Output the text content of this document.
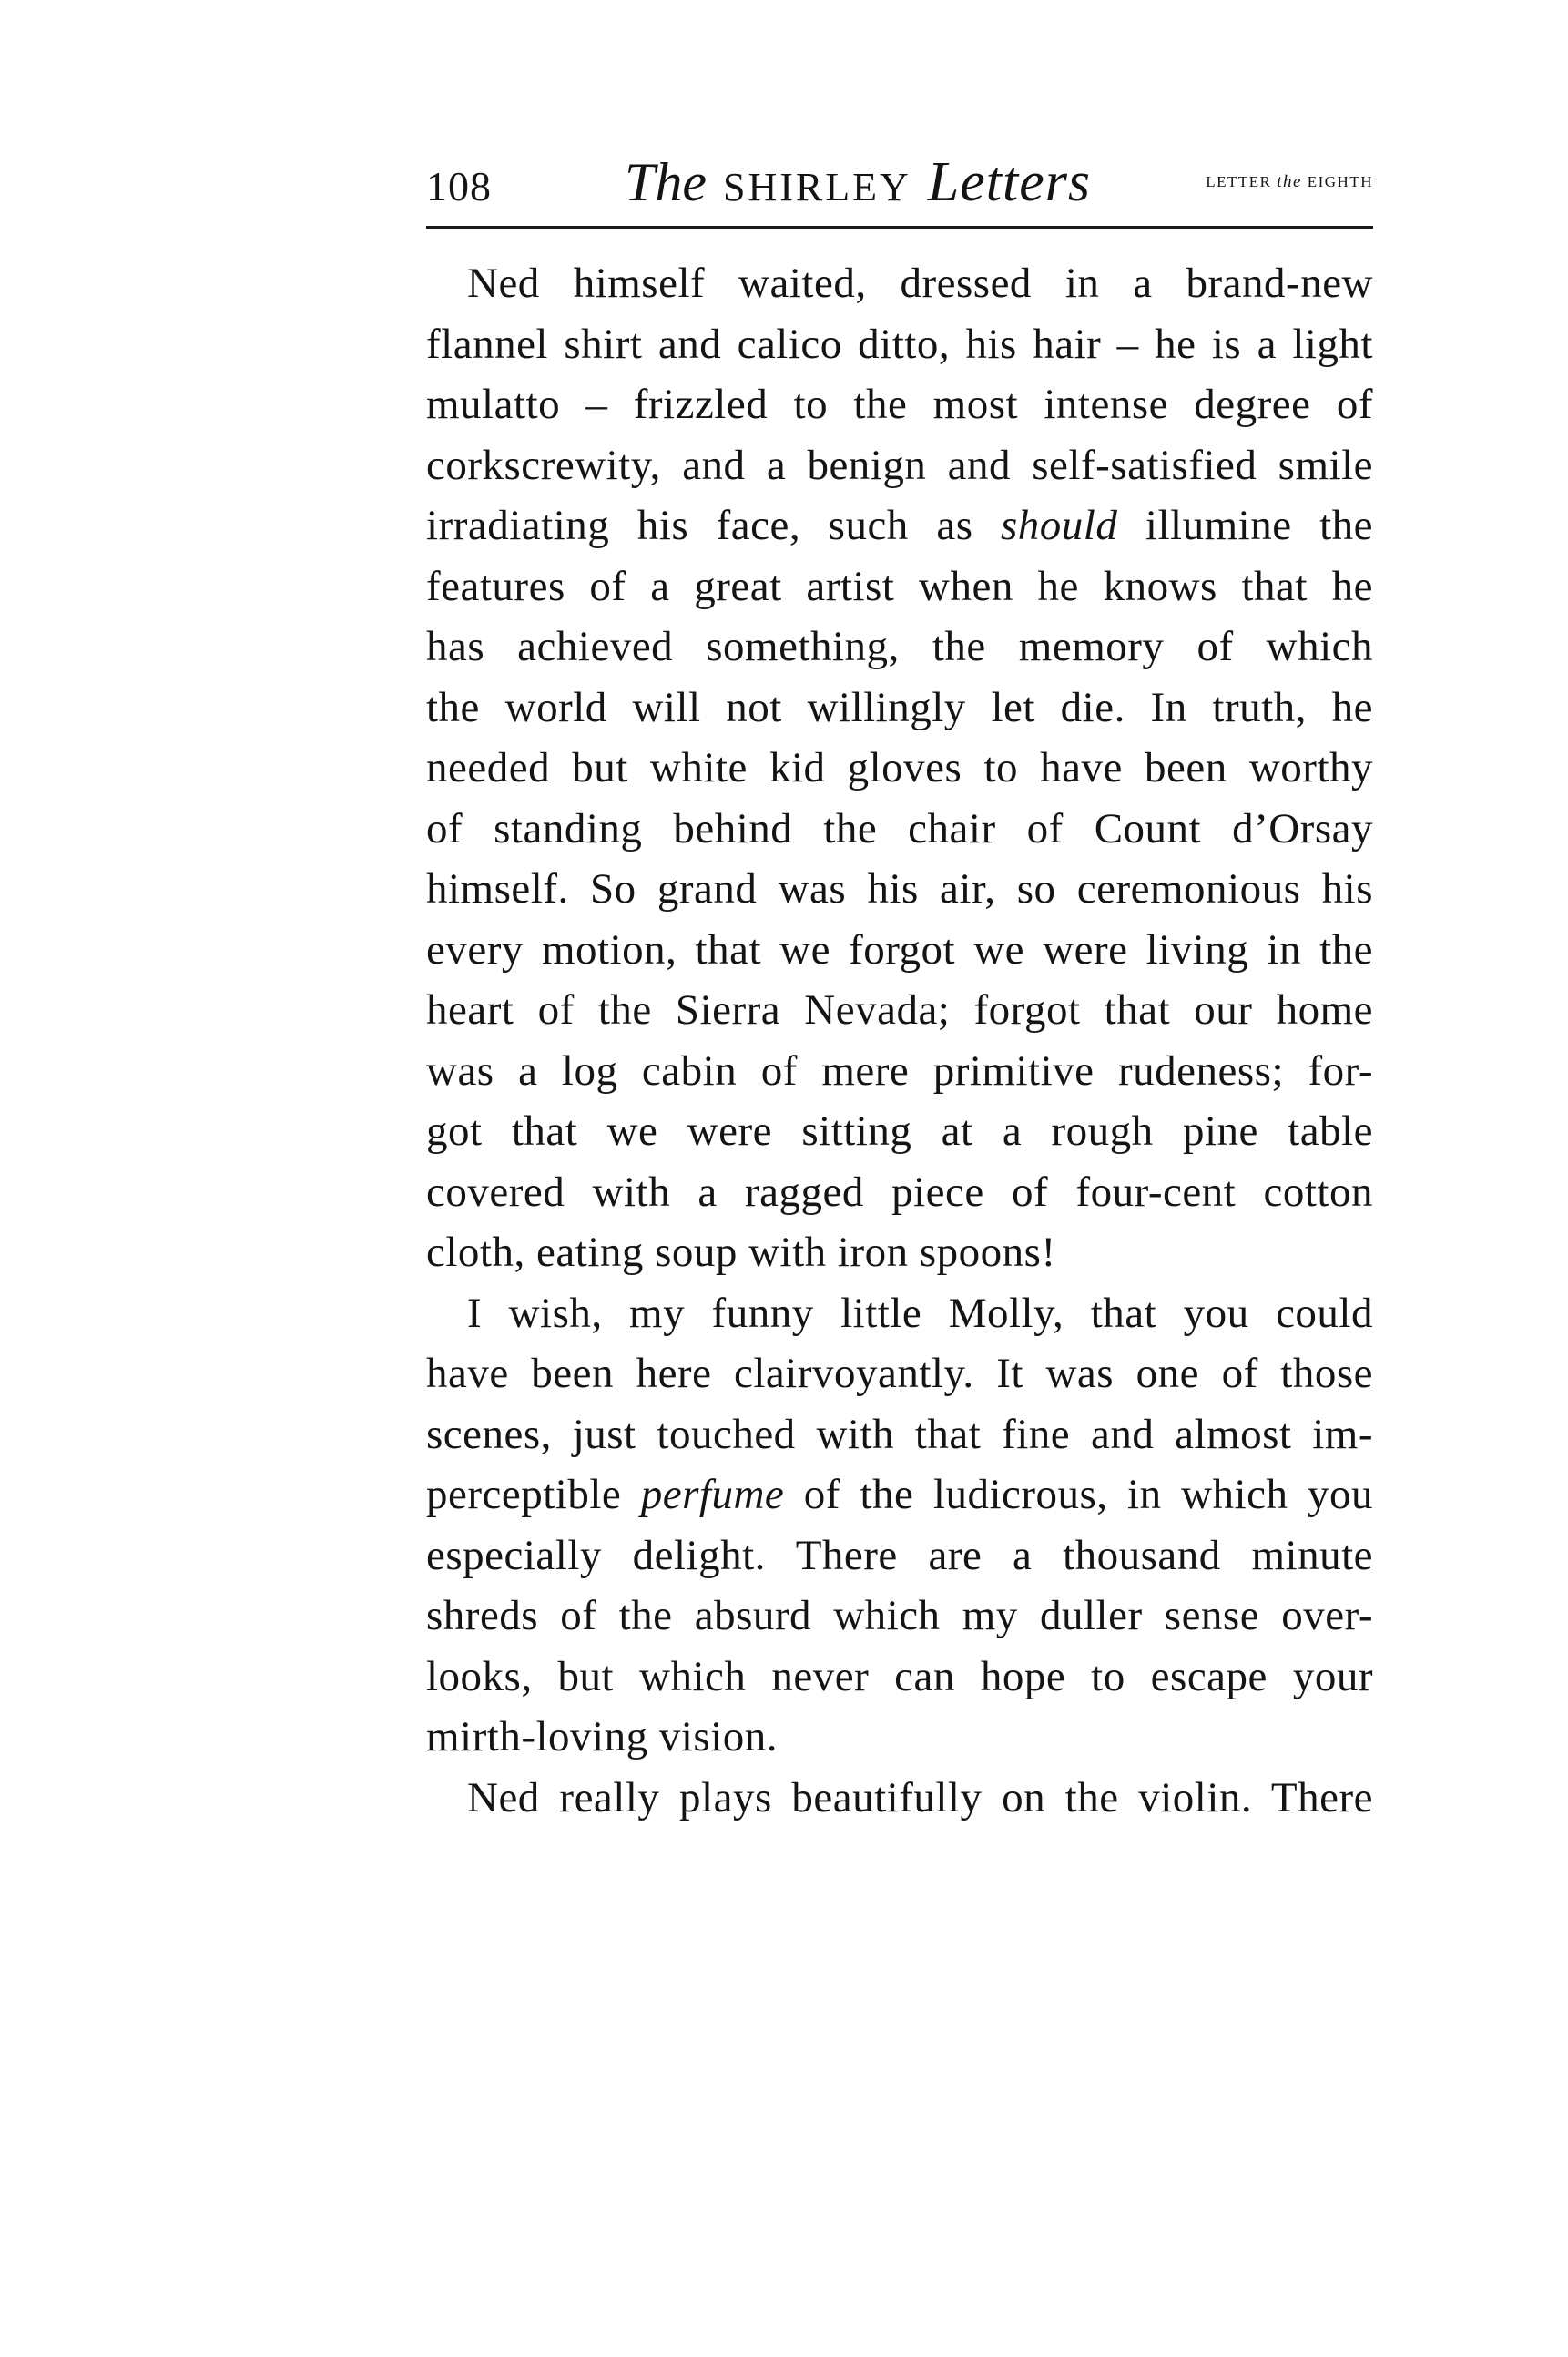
108 The SHIRLEY Letters	LETTER the EIGHTH
Ned himself waited, dressed in a brand-new
flannel shirt and calico ditto, his hair – he is a light
mulatto – frizzled to the most intense degree of
corkscrewity, and a benign and self-satisfied smile
irradiating his face, such as should illumine the
features of a great artist when he knows that he
has achieved something, the memory of which
the world will not willingly let die. In truth, he
needed but white kid gloves to have been worthy
of standing behind the chair of Count d’Orsay
himself. So grand was his air, so ceremonious his
every motion, that we forgot we were living in the
heart of the Sierra Nevada; forgot that our home
was a log cabin of mere primitive rudeness; for-
got that we were sitting at a rough pine table
covered with a ragged piece of four-cent cotton
cloth, eating soup with iron spoons!
I wish, my funny little Molly, that you could
have been here clairvoyantly. It was one of those
scenes, just touched with that fine and almost im-
perceptible perfume of the ludicrous, in which you
especially delight. There are a thousand minute
shreds of the absurd which my duller sense over-
looks, but which never can hope to escape your
mirth-loving vision.
Ned really plays beautifully on the violin. There
